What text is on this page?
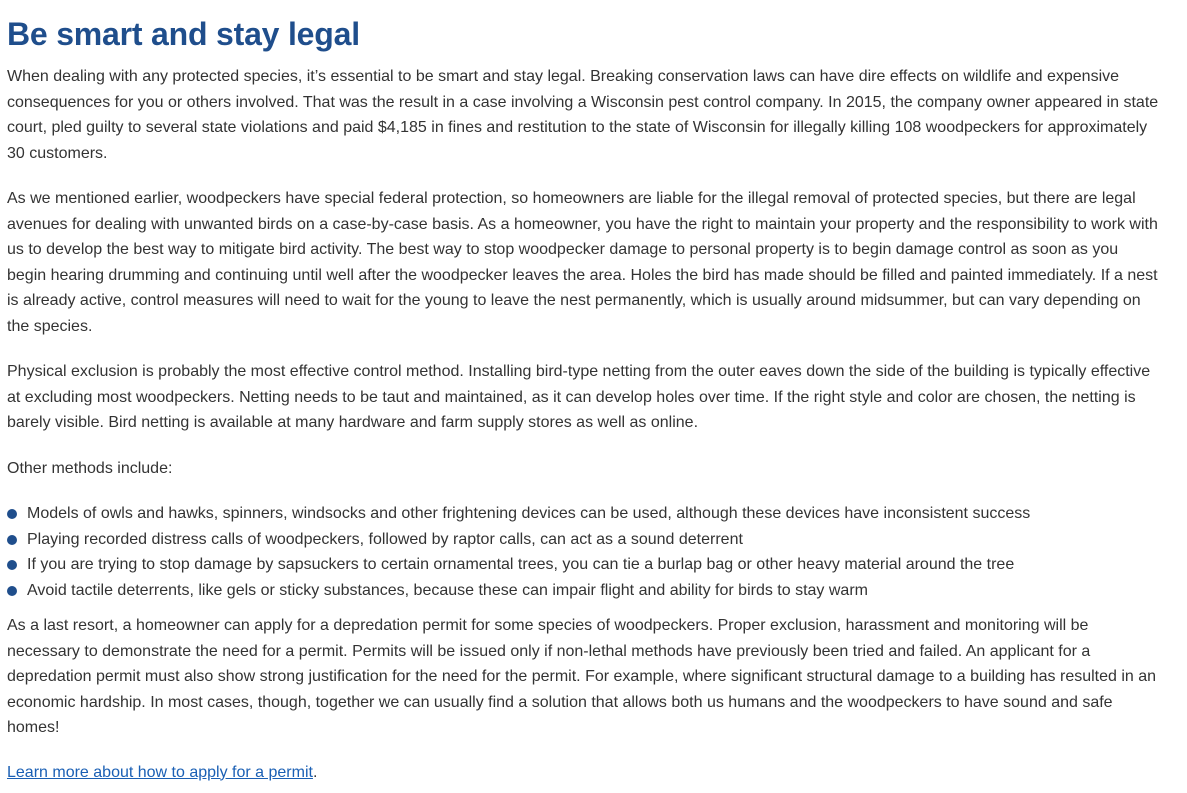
Be smart and stay legal

When dealing with any protected species, it’s essential to be smart and stay legal. Breaking conservation laws can have dire effects on wildlife and expensive consequences for you or others involved. That was the result in a case involving a Wisconsin pest control company. In 2015, the company owner appeared in state court, pled guilty to several state violations and paid $4,185 in fines and restitution to the state of Wisconsin for illegally killing 108 woodpeckers for approximately 30 customers.

As we mentioned earlier, woodpeckers have special federal protection, so homeowners are liable for the illegal removal of protected species, but there are legal avenues for dealing with unwanted birds on a case-by-case basis. As a homeowner, you have the right to maintain your property and the responsibility to work with us to develop the best way to mitigate bird activity. The best way to stop woodpecker damage to personal property is to begin damage control as soon as you begin hearing drumming and continuing until well after the woodpecker leaves the area. Holes the bird has made should be filled and painted immediately. If a nest is already active, control measures will need to wait for the young to leave the nest permanently, which is usually around midsummer, but can vary depending on the species.

Physical exclusion is probably the most effective control method. Installing bird-type netting from the outer eaves down the side of the building is typically effective at excluding most woodpeckers. Netting needs to be taut and maintained, as it can develop holes over time. If the right style and color are chosen, the netting is barely visible. Bird netting is available at many hardware and farm supply stores as well as online.

Other methods include:

Models of owls and hawks, spinners, windsocks and other frightening devices can be used, although these devices have inconsistent success
Playing recorded distress calls of woodpeckers, followed by raptor calls, can act as a sound deterrent
If you are trying to stop damage by sapsuckers to certain ornamental trees, you can tie a burlap bag or other heavy material around the tree
Avoid tactile deterrents, like gels or sticky substances, because these can impair flight and ability for birds to stay warm

As a last resort, a homeowner can apply for a depredation permit for some species of woodpeckers. Proper exclusion, harassment and monitoring will be necessary to demonstrate the need for a permit. Permits will be issued only if non-lethal methods have previously been tried and failed. An applicant for a depredation permit must also show strong justification for the need for the permit. For example, where significant structural damage to a building has resulted in an economic hardship. In most cases, though, together we can usually find a solution that allows both us humans and the woodpeckers to have sound and safe homes!

Learn more about how to apply for a permit.
